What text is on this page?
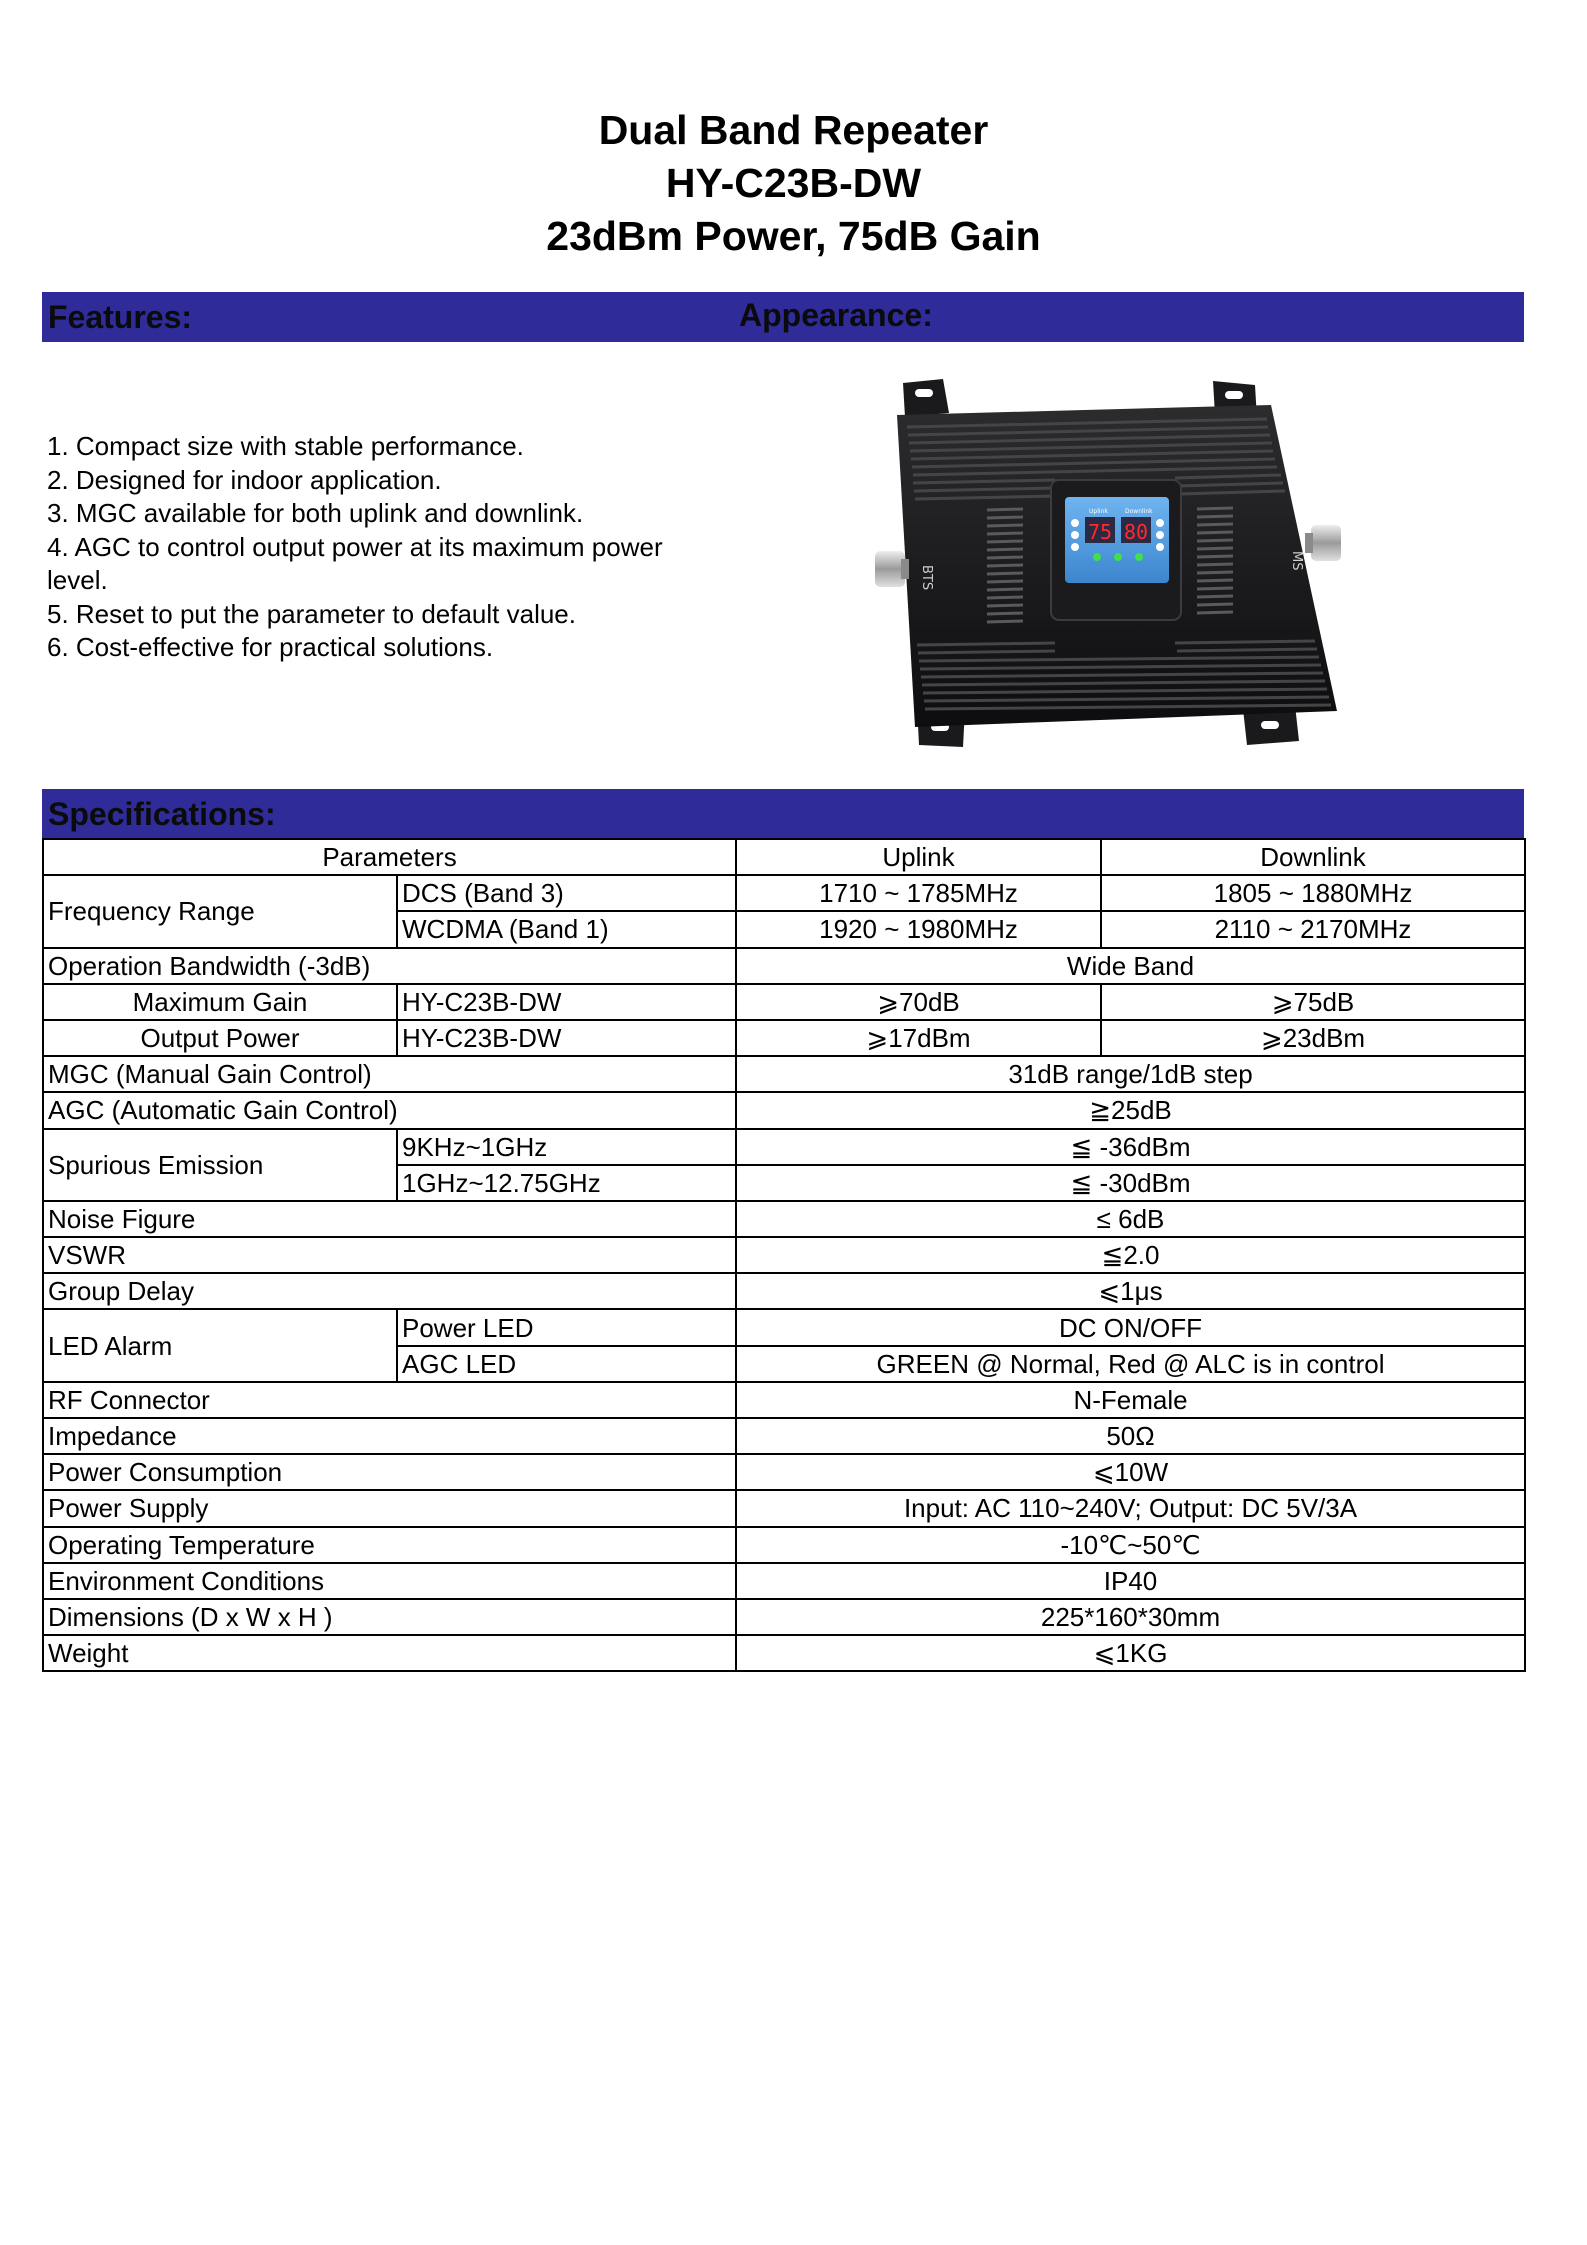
Dual Band Repeater
HY-C23B-DW
23dBm Power, 75dB Gain
Features:	Appearance:
1. Compact size with stable performance.
2. Designed for indoor application.
3. MGC available for both uplink and downlink.
4. AGC to control output power at its maximum power level.
5. Reset to put the parameter to default value.
6. Cost-effective for practical solutions.
Uplink	Downlink
75 80
BTS
MS
Specifications:
Parameters		Uplink	Downlink
Frequency Range	DCS (Band 3)	1710 ~ 1785MHz	1805 ~ 1880MHz
	WCDMA (Band 1)	1920 ~ 1980MHz	2110 ~ 2170MHz
Operation Bandwidth (-3dB)		Wide Band	
Maximum Gain	HY-C23B-DW	⩾70dB	⩾75dB
Output Power	HY-C23B-DW	⩾17dBm	⩾23dBm
MGC (Manual Gain Control)		31dB range/1dB step	
AGC (Automatic Gain Control)		≧25dB	
Spurious Emission	9KHz~1GHz	≦ -36dBm	
	1GHz~12.75GHz	≦ -30dBm	
Noise Figure		≤ 6dB	
VSWR		≦2.0	
Group Delay		⩽1μs	
LED Alarm	Power LED	DC ON/OFF	
	AGC LED	GREEN @ Normal, Red @ ALC is in control	
RF Connector		N-Female	
Impedance		50Ω	
Power Consumption		⩽10W	
Power Supply		Input: AC 110~240V; Output: DC 5V/3A	
Operating Temperature		-10℃~50℃	
Environment Conditions		IP40	
Dimensions (D x W x H )		225*160*30mm	
Weight		⩽1KG	
